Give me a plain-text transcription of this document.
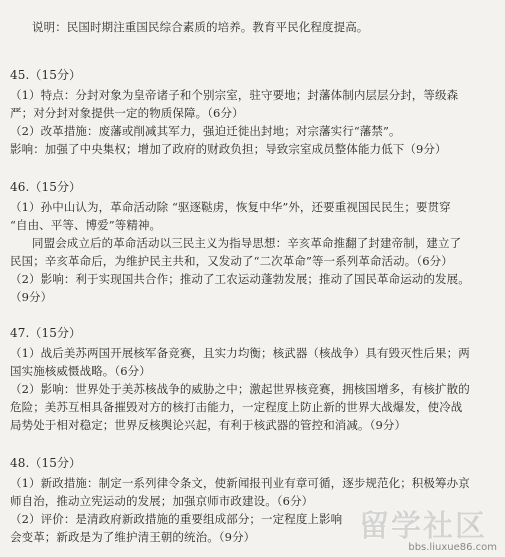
说明：民国时期注重国民综合素质的培养。教育平民化程度提高。
45.（15分）
（1）特点：分封对象为皇帝诸子和个别宗室，驻守要地；封藩体制内层层分封，等级森
严；对分封对象提供一定的物质保障。（6分）
（2）改革措施：废藩或削减其军力，强迫迁徙出封地；对宗藩实行“藩禁”。
影响：加强了中央集权；增加了政府的财政负担；导致宗室成员整体能力低下（9分）
46.（15分）
（1）孙中山认为，革命活动除 “驱逐鞑虏，恢复中华”外，还要重视国民民生；要贯穿
“自由、平等、博爱”等精神。
同盟会成立后的革命活动以三民主义为指导思想：辛亥革命推翻了封建帝制，建立了
民国；辛亥革命后，为维护民主共和，又发动了“二次革命”等一系列革命活动。（6分）
（2）影响：利于实现国共合作；推动了工农运动蓬勃发展；推动了国民革命运动的发展。
（9分）
47.（15分）
（1）战后美苏两国开展核军备竞赛，且实力均衡；核武器（核战争）具有毁灭性后果；两
国实施核威慑战略。（6分）
（2）影响：世界处于美苏核战争的威胁之中；激起世界核竞赛，拥核国增多，有核扩散的
危险；美苏互相具备摧毁对方的核打击能力，一定程度上防止新的世界大战爆发，使冷战
局势处于相对稳定；世界反核舆论兴起，有利于核武器的管控和消减。（9分）
48.（15分）
（1）新政措施：制定一系列律令条文，使新闻报刊业有章可循，逐步规范化；积极筹办京
师自治，推动立宪运动的发展；加强京师市政建设。（6分）
（2）评价：是清政府新政措施的重要组成部分；一定程度上影响
会变革；新政是为了维护清王朝的统治。（9分）	留学社区
bbs.liuxue86.com
